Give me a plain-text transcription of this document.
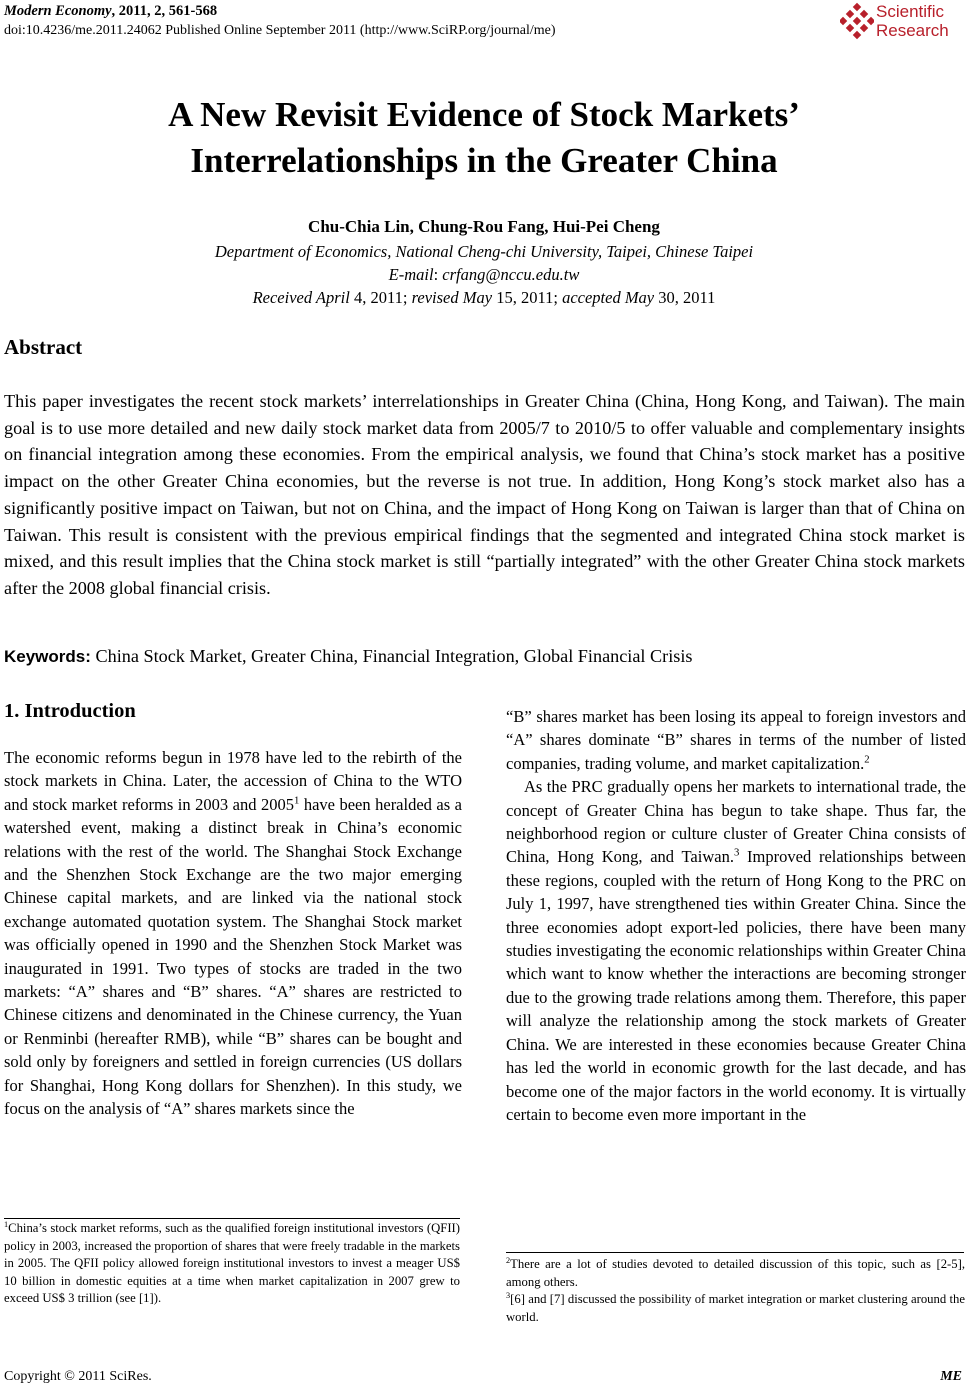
Modern Economy, 2011, 2, 561-568
doi:10.4236/me.2011.24062 Published Online September 2011 (http://www.SciRP.org/journal/me)
Scientific
Research
A New Revisit Evidence of Stock Markets’
Interrelationships in the Greater China
Chu-Chia Lin, Chung-Rou Fang, Hui-Pei Cheng
Department of Economics, National Cheng-chi University, Taipei, Chinese Taipei
E-mail: crfang@nccu.edu.tw
Received April 4, 2011; revised May 15, 2011; accepted May 30, 2011
Abstract

This paper investigates the recent stock markets’ interrelationships in Greater China (China, Hong Kong, and Taiwan). The main goal is to use more detailed and new daily stock market data from 2005/7 to 2010/5 to offer valuable and complementary insights on financial integration among these economies. From the empirical analysis, we found that China’s stock market has a positive impact on the other Greater China economies, but the reverse is not true. In addition, Hong Kong’s stock market also has a significantly positive impact on Taiwan, but not on China, and the impact of Hong Kong on Taiwan is larger than that of China on Taiwan. This result is consistent with the previous empirical findings that the segmented and integrated China stock market is mixed, and this result implies that the China stock market is still “partially integrated” with the other Greater China stock markets after the 2008 global financial crisis.

Keywords: China Stock Market, Greater China, Financial Integration, Global Financial Crisis
1. Introduction

The economic reforms begun in 1978 have led to the rebirth of the stock markets in China. Later, the accession of China to the WTO and stock market reforms in 2003 and 2005$^1$ have been heralded as a watershed event, making a distinct break in China’s economic relations with the rest of the world. The Shanghai Stock Exchange and the Shenzhen Stock Exchange are the two major emerging Chinese capital markets, and are linked via the national stock exchange automated quotation system. The Shanghai Stock market was officially opened in 1990 and the Shenzhen Stock Market was inaugurated in 1991. Two types of stocks are traded in the two markets: “A” shares and “B” shares. “A” shares are restricted to Chinese citizens and denominated in the Chinese currency, the Yuan or Renminbi (hereafter RMB), while “B” shares can be bought and sold only by foreigners and settled in foreign currencies (US dollars for Shanghai, Hong Kong dollars for Shenzhen). In this study, we focus on the analysis of “A” shares markets since the

“B” shares market has been losing its appeal to foreign investors and “A” shares dominate “B” shares in terms of the number of listed companies, trading volume, and market capitalization.$^2$

As the PRC gradually opens her markets to international trade, the concept of Greater China has begun to take shape. Thus far, the neighborhood region or culture cluster of Greater China consists of China, Hong Kong, and Taiwan.$^3$ Improved relationships between these regions, coupled with the return of Hong Kong to the PRC on July 1, 1997, have strengthened ties within Greater China. Since the three economies adopt export-led policies, there have been many studies investigating the economic relationships within Greater China which want to know whether the interactions are becoming stronger due to the growing trade relations among them. Therefore, this paper will analyze the relationship among the stock markets of Greater China. We are interested in these economies because Greater China has led the world in economic growth for the last decade, and has become one of the major factors in the world economy. It is virtually certain to become even more important in the

$^1$China’s stock market reforms, such as the qualified foreign institutional investors (QFII) policy in 2003, increased the proportion of shares that were freely tradable in the markets in 2005. The QFII policy allowed foreign institutional investors to invest a meager US$ 10 billion in domestic equities at a time when market capitalization in 2007 grew to exceed US$ 3 trillion (see [1]).

$^2$There are a lot of studies devoted to detailed discussion of this topic, such as [2-5], among others.

$^3$[6] and [7] discussed the possibility of market integration or market clustering around the world.

Copyright © 2011 SciRes.	ME
